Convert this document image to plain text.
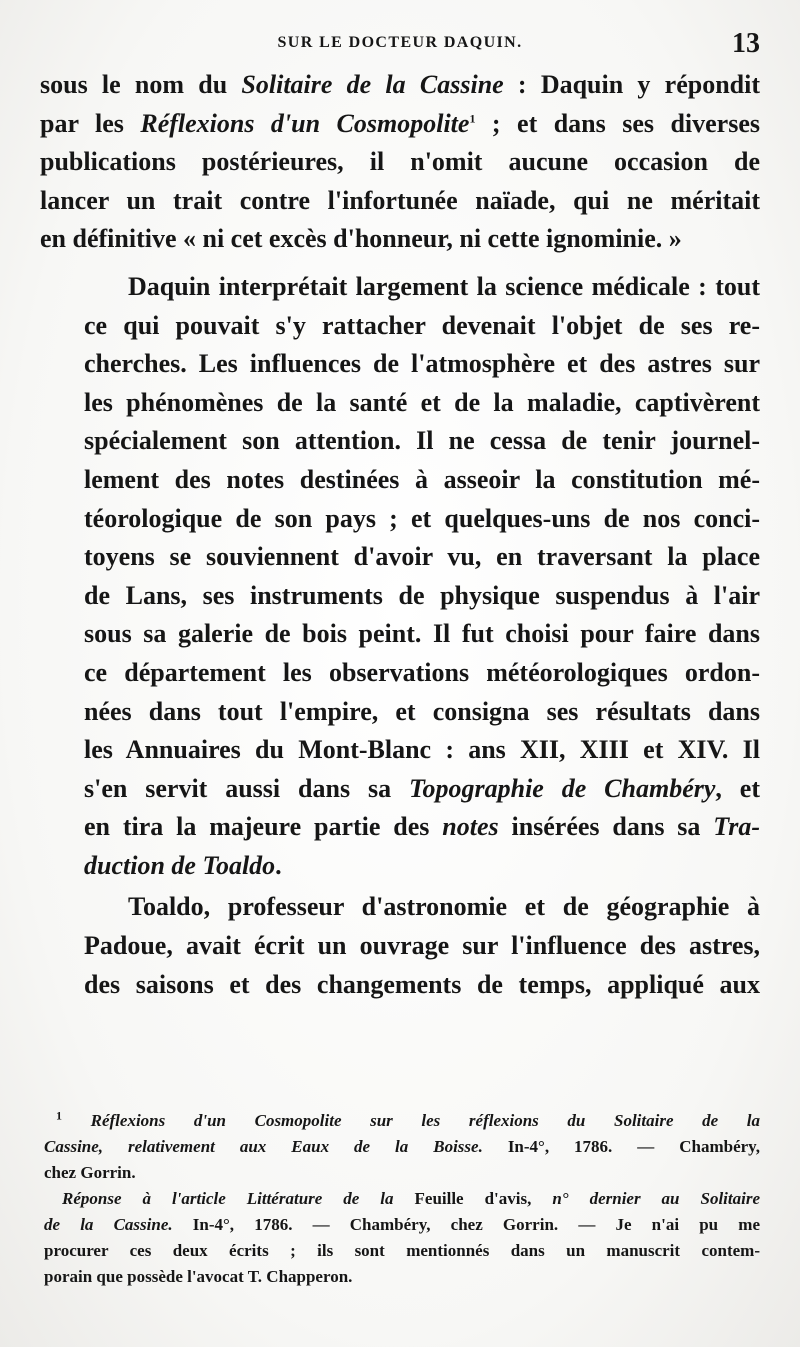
SUR LE DOCTEUR DAQUIN.	13

sous le nom du Solitaire de la Cassine : Daquin y répondit
par les Réflexions d'un Cosmopolite$^1$ ; et dans ses diverses
publications postérieures, il n'omit aucune occasion de
lancer un trait contre l'infortunée naïade, qui ne méritait
en définitive « ni cet excès d'honneur, ni cette ignominie. »

Daquin interprétait largement la science médicale : tout
ce qui pouvait s'y rattacher devenait l'objet de ses re-
cherches. Les influences de l'atmosphère et des astres sur
les phénomènes de la santé et de la maladie, captivèrent
spécialement son attention. Il ne cessa de tenir journel-
lement des notes destinées à asseoir la constitution mé-
téorologique de son pays ; et quelques-uns de nos conci-
toyens se souviennent d'avoir vu, en traversant la place
de Lans, ses instruments de physique suspendus à l'air
sous sa galerie de bois peint. Il fut choisi pour faire dans
ce département les observations météorologiques ordon-
nées dans tout l'empire, et consigna ses résultats dans
les Annuaires du Mont-Blanc : ans XII, XIII et XIV. Il
s'en servit aussi dans sa Topographie de Chambéry, et
en tira la majeure partie des notes insérées dans sa Tra-
duction de Toaldo.

Toaldo, professeur d'astronomie et de géographie à
Padoue, avait écrit un ouvrage sur l'influence des astres,
des saisons et des changements de temps, appliqué aux

$^1$ Réflexions d'un Cosmopolite sur les réflexions du Solitaire de la
Cassine, relativement aux Eaux de la Boisse. In-4°, 1786. — Chambéry,
chez Gorrin.
Réponse à l'article Littérature de la Feuille d'avis, n° dernier au Solitaire
de la Cassine. In-4°, 1786. — Chambéry, chez Gorrin. — Je n'ai pu me
procurer ces deux écrits ; ils sont mentionnés dans un manuscrit contem-
porain que possède l'avocat T. Chapperon.
